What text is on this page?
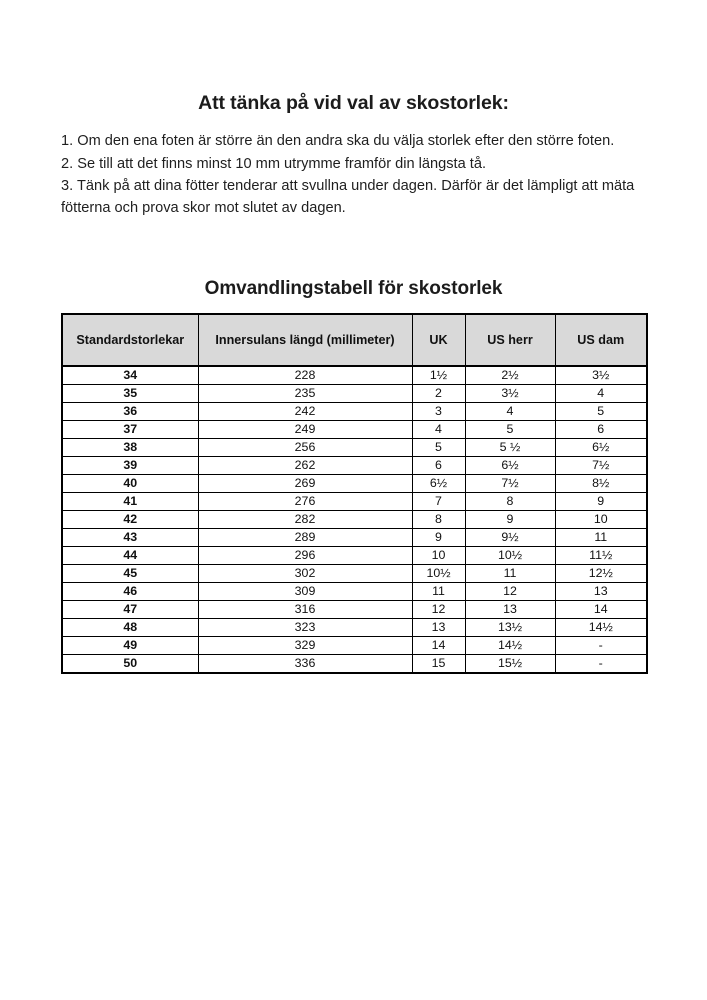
Att tänka på vid val av skostorlek:

1. Om den ena foten är större än den andra ska du välja storlek efter den större foten.

2. Se till att det finns minst 10 mm utrymme framför din längsta tå.

3. Tänk på att dina fötter tenderar att svullna under dagen. Därför är det lämpligt att mäta fötterna och prova skor mot slutet av dagen.

Omvandlingstabell för skostorlek
Standardstorlekar	Innersulans längd (millimeter)	UK	US herr	US dam
34	228	1½	2½	3½
35	235	2	3½	4
36	242	3	4	5
37	249	4	5	6
38	256	5	5 ½	6½
39	262	6	6½	7½
40	269	6½	7½	8½
41	276	7	8	9
42	282	8	9	10
43	289	9	9½	11
44	296	10	10½	11½
45	302	10½	11	12½
46	309	11	12	13
47	316	12	13	14
48	323	13	13½	14½
49	329	14	14½	-
50	336	15	15½	-
